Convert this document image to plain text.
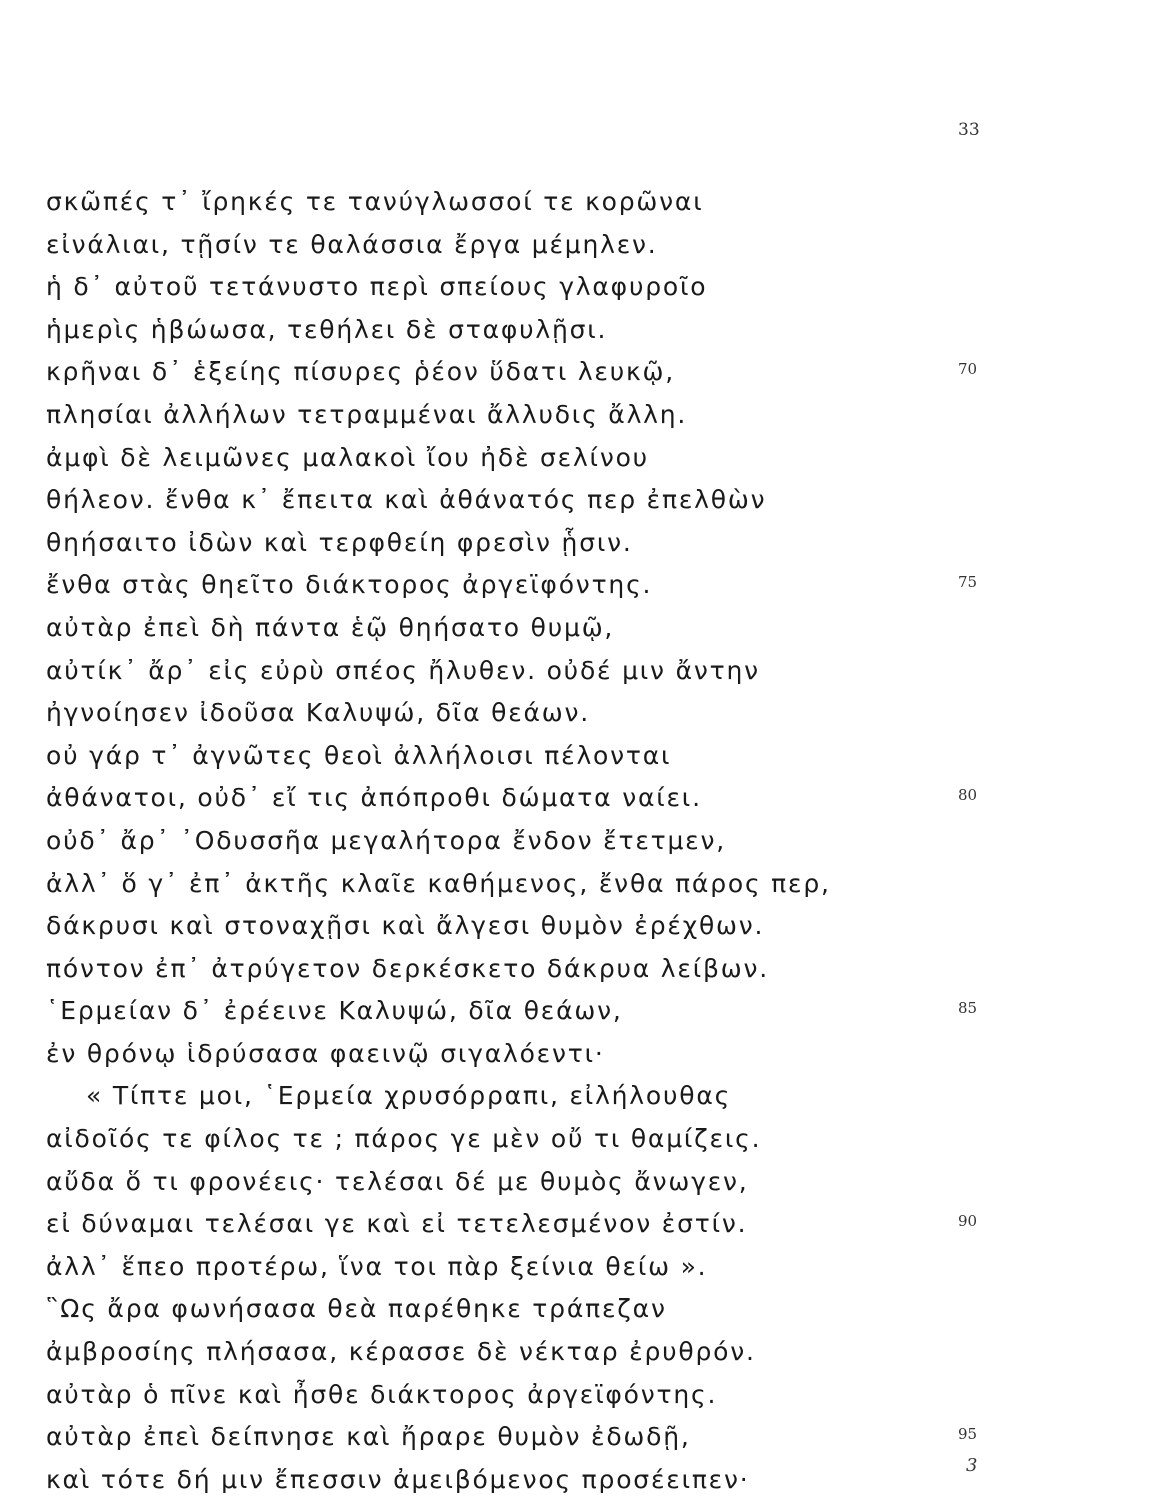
33
σκῶπές τ᾽ ἴρηκές τε τανύγλωσσοί τε κορῶναι
εἰνάλιαι, τῇσίν τε θαλάσσια ἔργα μέμηλεν.
ἡ δ᾽ αὐτοῦ τετάνυστο περὶ σπείους γλαφυροῖο
ἡμερὶς ἡβώωσα, τεθήλει δὲ σταφυλῇσι.
κρῆναι δ᾽ ἑξείης πίσυρες ῥέον ὕδατι λευκῷ,	70
πλησίαι ἀλλήλων τετραμμέναι ἄλλυδις ἄλλη.
ἀμφὶ δὲ λειμῶνες μαλακοὶ ἴου ἠδὲ σελίνου
θήλεον. ἔνθα κ᾽ ἔπειτα καὶ ἀθάνατός περ ἐπελθὼν
θηήσαιτο ἰδὼν καὶ τερφθείη φρεσὶν ᾗσιν.
ἔνθα στὰς θηεῖτο διάκτορος ἀργεϊφόντης.	75
αὐτὰρ ἐπεὶ δὴ πάντα ἑῷ θηήσατο θυμῷ,
αὐτίκ᾽ ἄρ᾽ εἰς εὐρὺ σπέος ἤλυθεν. οὐδέ μιν ἄντην
ἠγνοίησεν ἰδοῦσα Καλυψώ, δῖα θεάων.
οὐ γάρ τ᾽ ἀγνῶτες θεοὶ ἀλλήλοισι πέλονται
ἀθάνατοι, οὐδ᾽ εἴ τις ἀπόπροθι δώματα ναίει.	80
οὐδ᾽ ἄρ᾽ ᾽Οδυσσῆα μεγαλήτορα ἔνδον ἔτετμεν,
ἀλλ᾽ ὅ γ᾽ ἐπ᾽ ἀκτῆς κλαῖε καθήμενος, ἔνθα πάρος περ,
δάκρυσι καὶ στοναχῇσι καὶ ἄλγεσι θυμὸν ἐρέχθων.
πόντον ἐπ᾽ ἀτρύγετον δερκέσκετο δάκρυα λείβων.
῾Ερμείαν δ᾽ ἐρέεινε Καλυψώ, δῖα θεάων,	85
ἐν θρόνῳ ἱδρύσασα φαεινῷ σιγαλόεντι·
« Τίπτε μοι, ῾Ερμεία χρυσόρραπι, εἰλήλουθας
αἰδοῖός τε φίλος τε ; πάρος γε μὲν οὔ τι θαμίζεις.
αὔδα ὅ τι φρονέεις· τελέσαι δέ με θυμὸς ἄνωγεν,
εἰ δύναμαι τελέσαι γε καὶ εἰ τετελεσμένον ἐστίν.	90
ἀλλ᾽ ἕπεο προτέρω, ἵνα τοι πὰρ ξείνια θείω ».
῝Ως ἄρα φωνήσασα θεὰ παρέθηκε τράπεζαν
ἀμβροσίης πλήσασα, κέρασσε δὲ νέκταρ ἐρυθρόν.
αὐτὰρ ὁ πῖνε καὶ ἦσθε διάκτορος ἀργεϊφόντης.
αὐτὰρ ἐπεὶ δείπνησε καὶ ἤραρε θυμὸν ἐδωδῇ,	95
καὶ τότε δή μιν ἔπεσσιν ἀμειβόμενος προσέειπεν·	3
